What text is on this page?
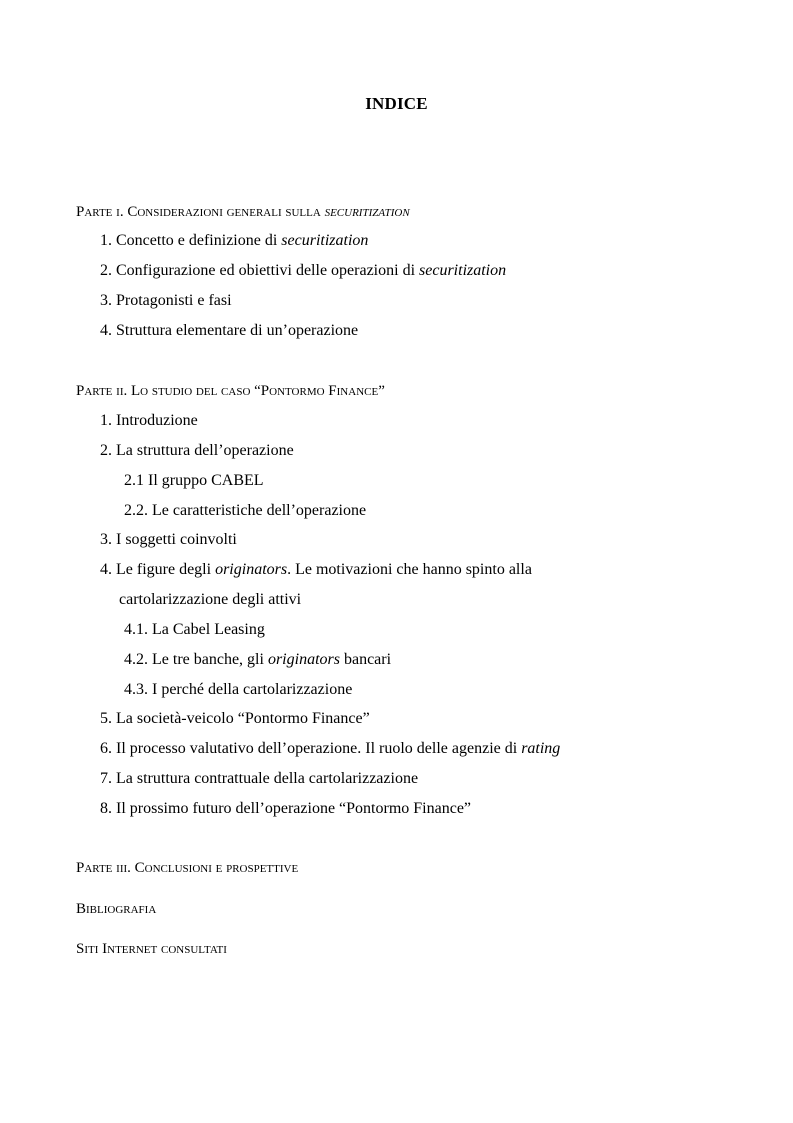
INDICE
Parte i. Considerazioni generali sulla securitization
1. Concetto e definizione di securitization
2. Configurazione ed obiettivi delle operazioni di securitization
3. Protagonisti e fasi
4. Struttura elementare di un’operazione
Parte ii. Lo studio del caso “Pontormo Finance”
1. Introduzione
2. La struttura dell’operazione
2.1 Il gruppo CABEL
2.2. Le caratteristiche dell’operazione
3. I soggetti coinvolti
4. Le figure degli originators. Le motivazioni che hanno spinto alla
cartolarizzazione degli attivi
4.1. La Cabel Leasing
4.2. Le tre banche, gli originators bancari
4.3. I perché della cartolarizzazione
5. La società-veicolo “Pontormo Finance”
6. Il processo valutativo dell’operazione. Il ruolo delle agenzie di rating
7. La struttura contrattuale della cartolarizzazione
8. Il prossimo futuro dell’operazione “Pontormo Finance”
Parte iii. Conclusioni e prospettive
Bibliografia
Siti Internet consultati
